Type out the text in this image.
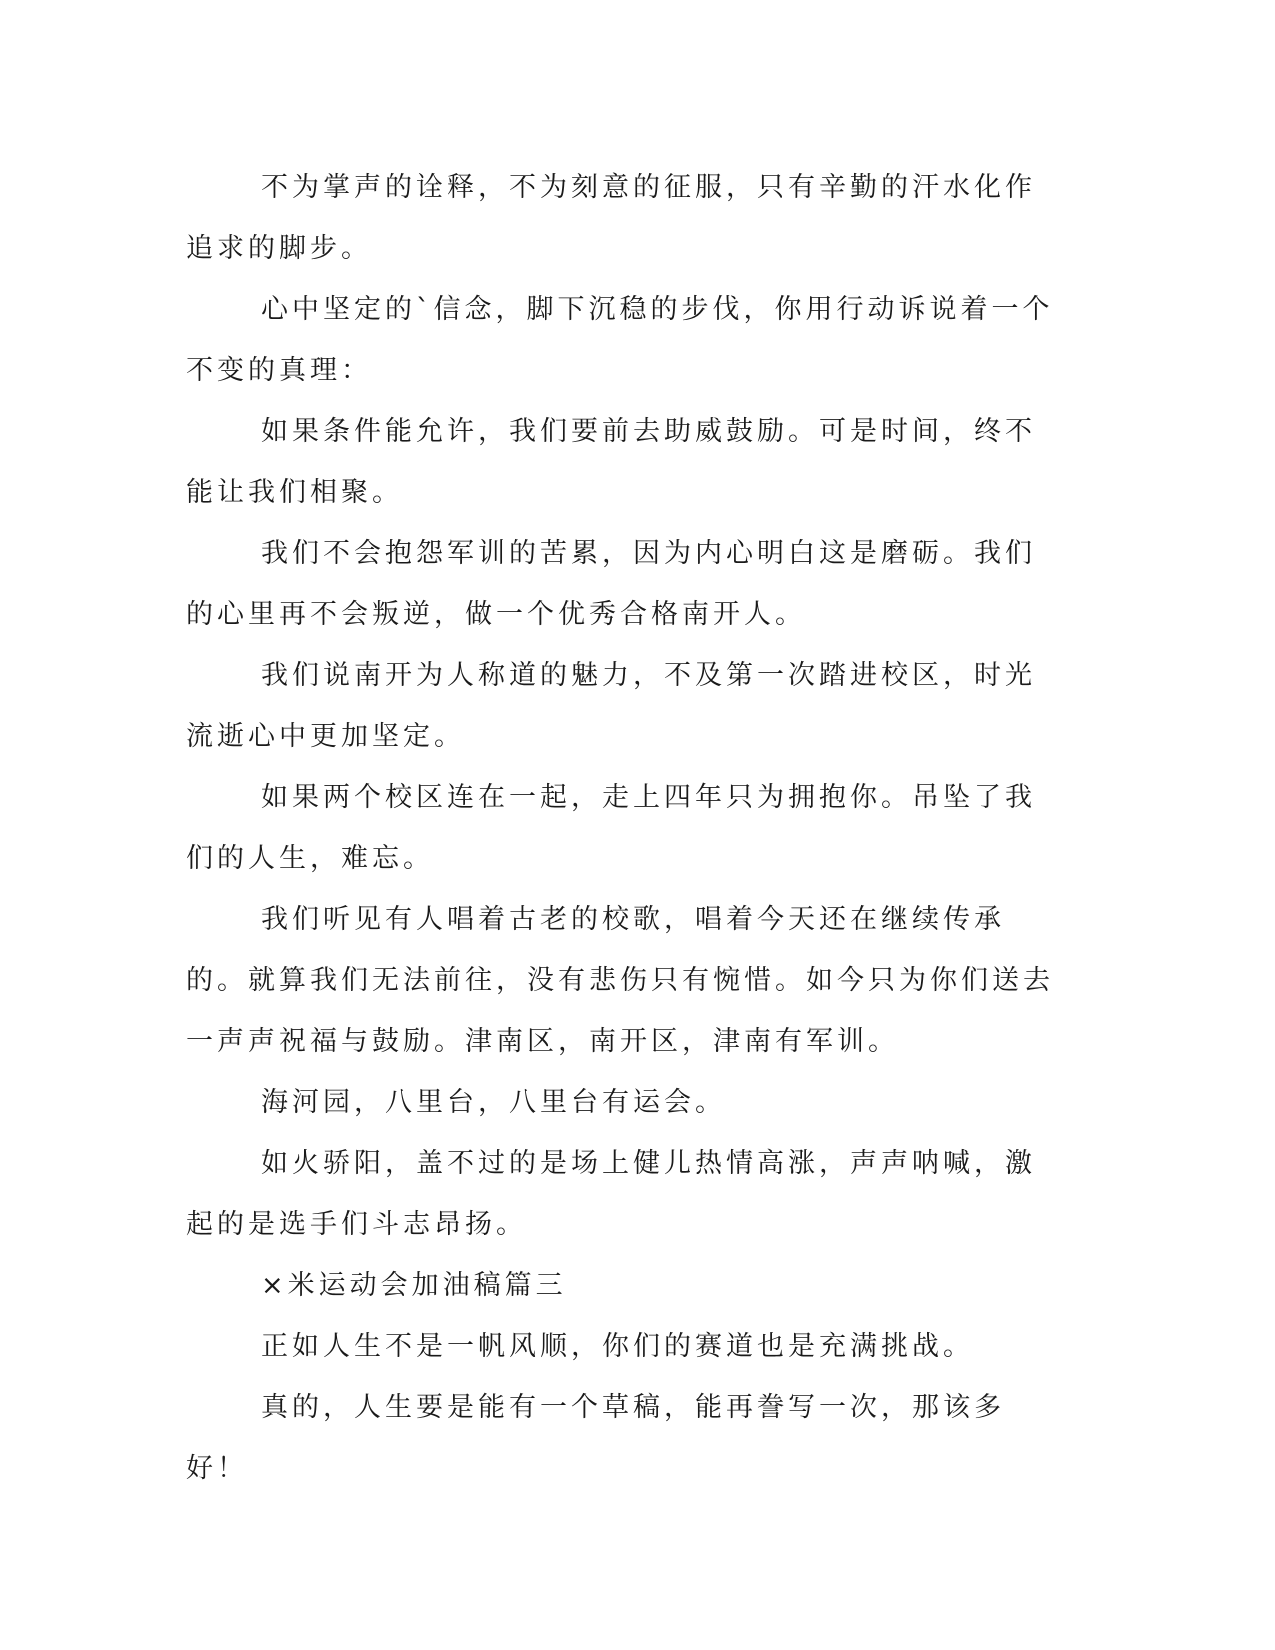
不为掌声的诠释，不为刻意的征服，只有辛勤的汗水化作追求的脚步。

心中坚定的`信念，脚下沉稳的步伐，你用行动诉说着一个不变的真理：

如果条件能允许，我们要前去助威鼓励。可是时间，终不能让我们相聚。

我们不会抱怨军训的苦累，因为内心明白这是磨砺。我们的心里再不会叛逆，做一个优秀合格南开人。

我们说南开为人称道的魅力，不及第一次踏进校区，时光流逝心中更加坚定。

如果两个校区连在一起，走上四年只为拥抱你。吊坠了我们的人生，难忘。

我们听见有人唱着古老的校歌，唱着今天还在继续传承的。就算我们无法前往，没有悲伤只有惋惜。如今只为你们送去一声声祝福与鼓励。津南区，南开区，津南有军训。

海河园，八里台，八里台有运会。

如火骄阳，盖不过的是场上健儿热情高涨，声声呐喊，激起的是选手们斗志昂扬。

×米运动会加油稿篇三

正如人生不是一帆风顺，你们的赛道也是充满挑战。

真的，人生要是能有一个草稿，能再誊写一次，那该多好！
